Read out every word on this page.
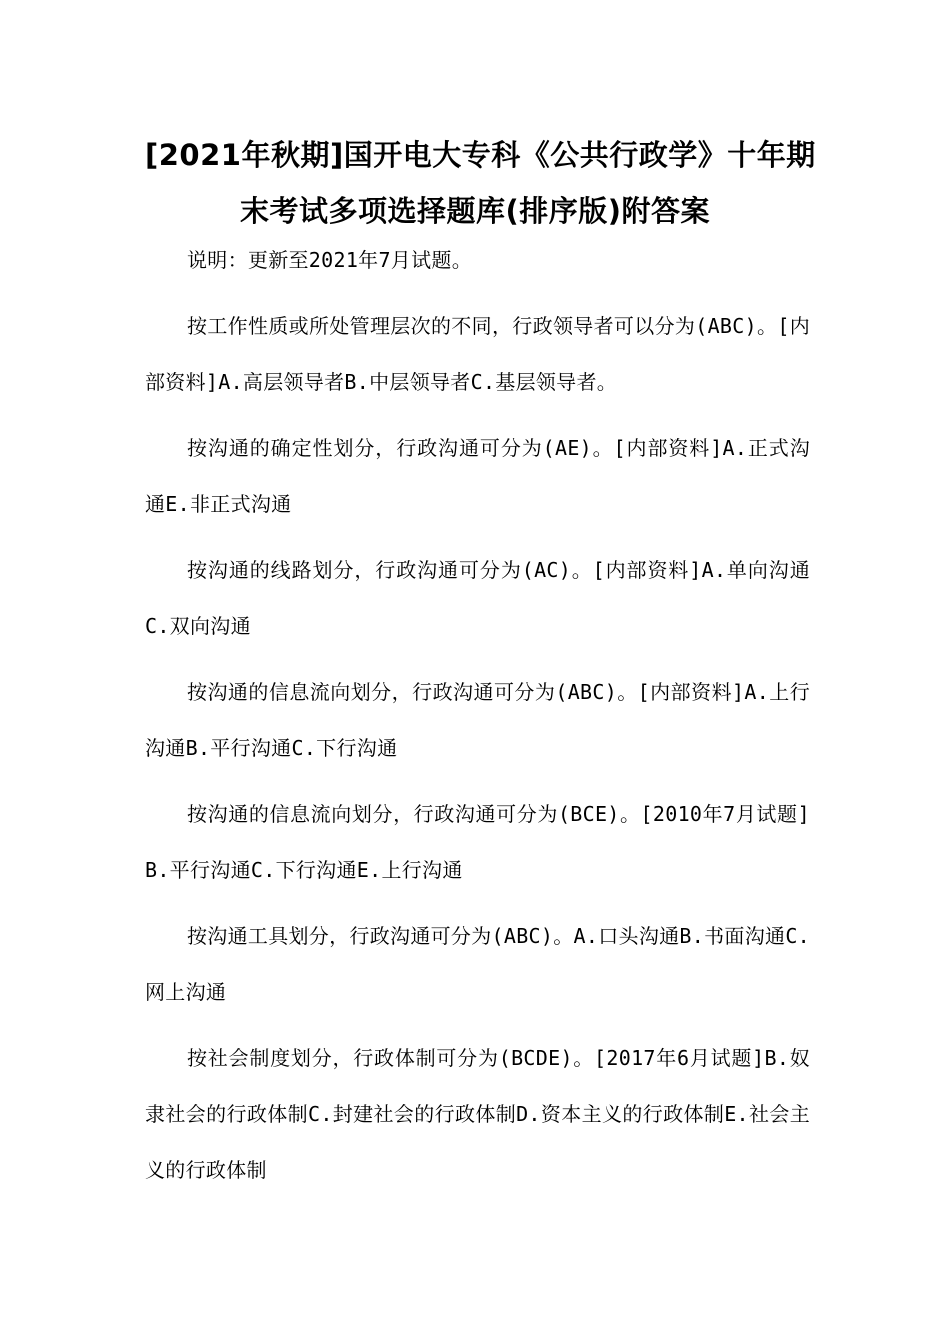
[2021年秋期]国开电大专科《公共行政学》十年期
末考试多项选择题库(排序版)附答案

说明：更新至2021年7月试题。

按工作性质或所处管理层次的不同，行政领导者可以分为(ABC)。[内部资料]A.高层领导者B.中层领导者C.基层领导者。

按沟通的确定性划分，行政沟通可分为(AE)。[内部资料]A.正式沟通E.非正式沟通

按沟通的线路划分，行政沟通可分为(AC)。[内部资料]A.单向沟通C.双向沟通

按沟通的信息流向划分，行政沟通可分为(ABC)。[内部资料]A.上行沟通B.平行沟通C.下行沟通

按沟通的信息流向划分，行政沟通可分为(BCE)。[2010年7月试题]B.平行沟通C.下行沟通E.上行沟通

按沟通工具划分，行政沟通可分为(ABC)。A.口头沟通B.书面沟通C.网上沟通

按社会制度划分，行政体制可分为(BCDE)。[2017年6月试题]B.奴隶社会的行政体制C.封建社会的行政体制D.资本主义的行政体制E.社会主义的行政体制
